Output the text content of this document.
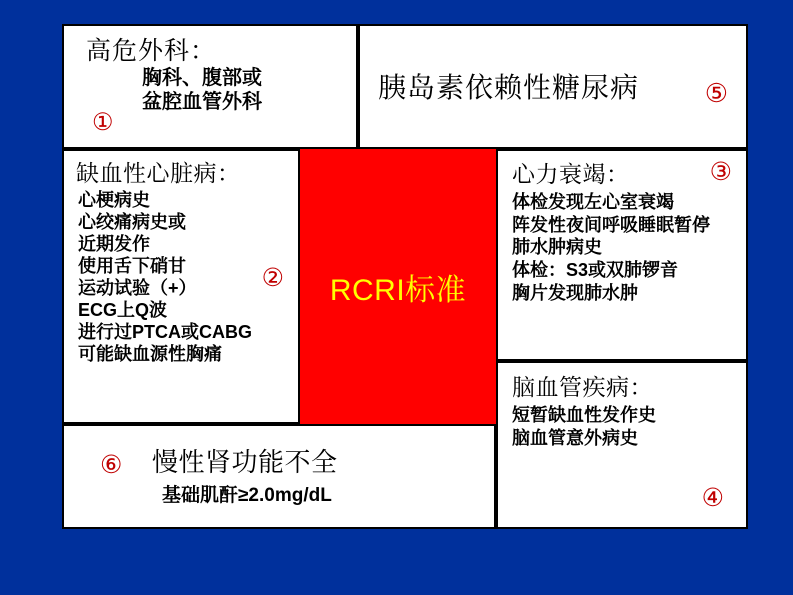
高危外科：
胸科、腹部或
盆腔血管外科
①
胰岛素依赖性糖尿病	⑤
缺血性心脏病：
心梗病史
心绞痛病史或
近期发作
使用舌下硝甘
运动试验（+）
ECG上Q波
进行过PTCA或CABG
可能缺血源性胸痛
② RCRI标准
③
心力衰竭：
体检发现左心室衰竭
阵发性夜间呼吸睡眠暂停
肺水肿病史
体检：S3或双肺锣音
胸片发现肺水肿
脑血管疾病：
短暂缺血性发作史
脑血管意外病史
④
⑥ 慢性肾功能不全
基础肌酐≥2.0mg/dL
